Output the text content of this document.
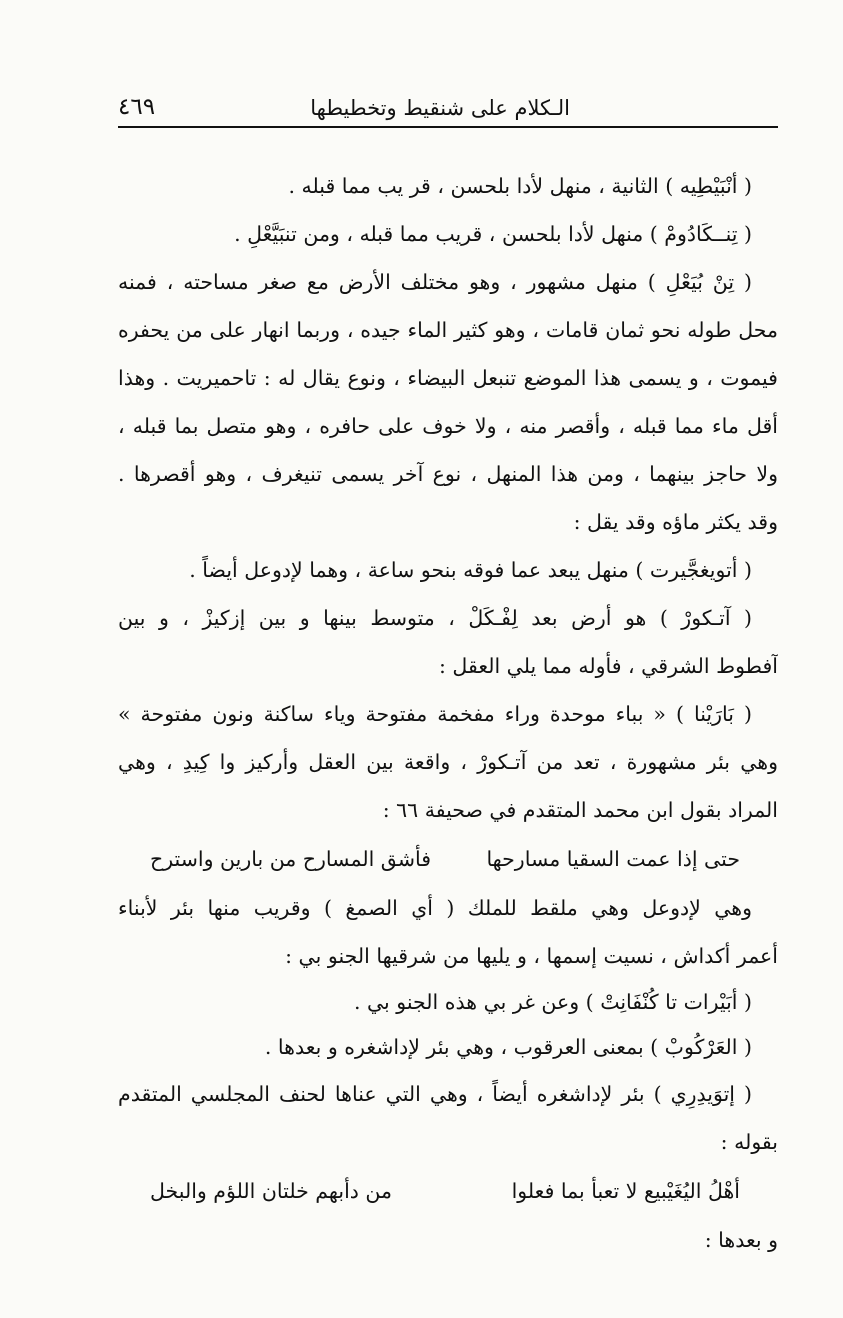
الـكلام على شنقيط وتخطيطها
٤٦٩
( أنْبَيْطِيه ) الثانية ، منهل لأدا بلحسن ، قر يب مما قبله .
( تِنــكَادُومْ ) منهل لأدا بلحسن ، قريب مما قبله ، ومن تنبَيَّعْلِ .
( تِنْ بُيَعْلِ ) منهل مشهور ، وهو مختلف الأرض مع صغر مساحته ، فمنه
محل طوله نحو ثمان قامات ، وهو كثير الماء جيده ، وربما انهار على من يحفره
فيموت ، و يسمى هذا الموضع تنبعل البيضاء ، ونوع يقال له : تاحميريت . وهذا
أقل ماء مما قبله ، وأقصر منه ، ولا خوف على حافره ، وهو متصل بما قبله ،
ولا حاجز بينهما ، ومن هذا المنهل ، نوع آخر يسمى تنيغرف ، وهو أقصرها .
وقد يكثر ماؤه وقد يقل :
( أتويغجَّيرت ) منهل يبعد عما فوقه بنحو ساعة ، وهما لإدوعل أيضاً .
( آتـكورْ ) هو أرض بعد لِفْـكَلْ ، متوسط بينها و بين إزكيزْ ، و بين
آفطوط الشرقي ، فأوله مما يلي العقل :
( بَارَيْنا ) « بباء موحدة وراء مفخمة مفتوحة وياء ساكنة ونون مفتوحة »
وهي بئر مشهورة ، تعد من آتـكورْ ، واقعة بين العقل وأركيز وا كِيدِ ، وهي
المراد بقول ابن محمد المتقدم في صحيفة ٦٦ :
حتى إذا عمت السقيا مسارحها
فأشق المسارح من بارين واسترح
وهي لإدوعل وهي ملقط للملك ( أي الصمغ ) وقريب منها بئر لأبناء
أعمر أكداش ، نسيت إسمها ، و يليها من شرقيها الجنو بي :
( أبَيْرات تا كُنْفَانِتْ ) وعن غر بي هذه الجنو بي .
( العَرْكُوبْ ) بمعنى العرقوب ، وهي بئر لإداشغره و بعدها .
( إتوَيدِرِي ) بئر لإداشغره أيضاً ، وهي التي عناها لحنف المجلسي المتقدم
بقوله :
أهْلُ اليُغَيْبيع لا تعبأ بما فعلوا
من دأبهم خلتان اللؤم والبخل
و بعدها :
